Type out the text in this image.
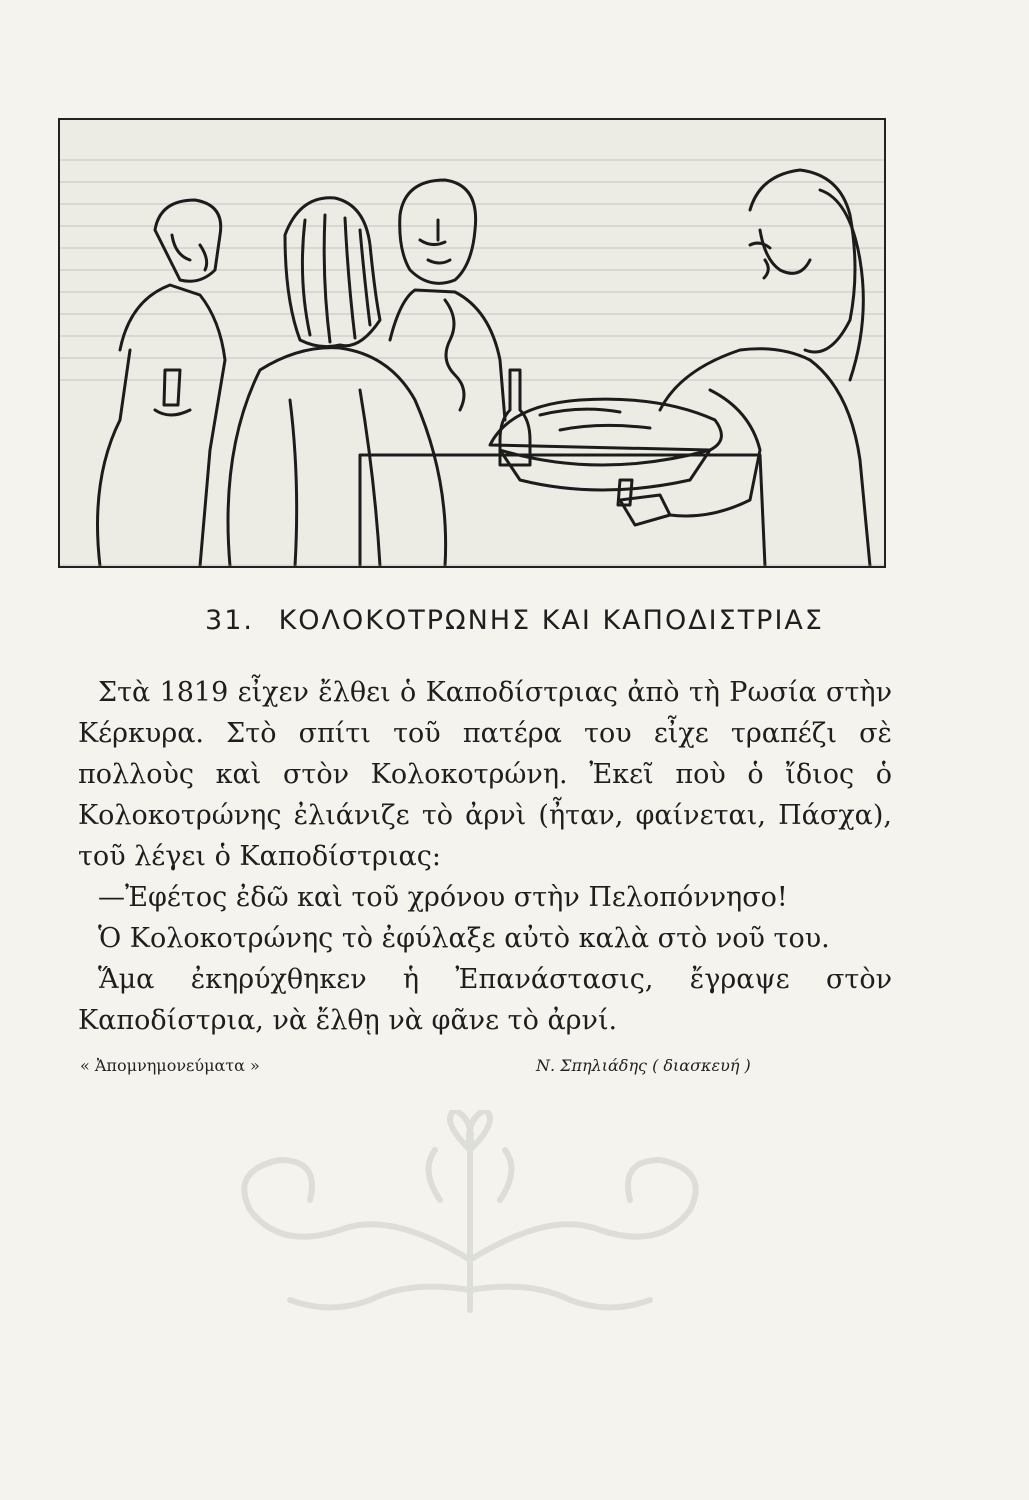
31. ΚΟΛΟΚΟΤΡΩΝΗΣ ΚΑΙ ΚΑΠΟΔΙΣΤΡΙΑΣ

Στὰ 1819 εἶχεν ἔλθει ὁ Καποδίστριας ἀπὸ τὴ Ρωσία στὴν Κέρκυρα. Στὸ σπίτι τοῦ πατέρα του εἶχε τραπέζι σὲ πολλοὺς καὶ στὸν Κολοκοτρώνη. Ἐκεῖ ποὺ ὁ ἴδιος ὁ Κολοκοτρώνης ἐλιάνιζε τὸ ἀρνὶ (ἦταν, φαίνεται, Πάσχα), τοῦ λέγει ὁ Καποδίστριας:

—Ἐφέτος ἐδῶ καὶ τοῦ χρόνου στὴν Πελοπόννησο!

Ὁ Κολοκοτρώνης τὸ ἐφύλαξε αὐτὸ καλὰ στὸ νοῦ του.

Ἅμα ἐκηρύχθηκεν ἡ Ἐπανάστασις, ἔγραψε στὸν Καποδίστρια, νὰ ἔλθῃ νὰ φᾶνε τὸ ἀρνί.

« Ἀπομνημονεύματα »	Ν. Σπηλιάδης ( διασκευή )
